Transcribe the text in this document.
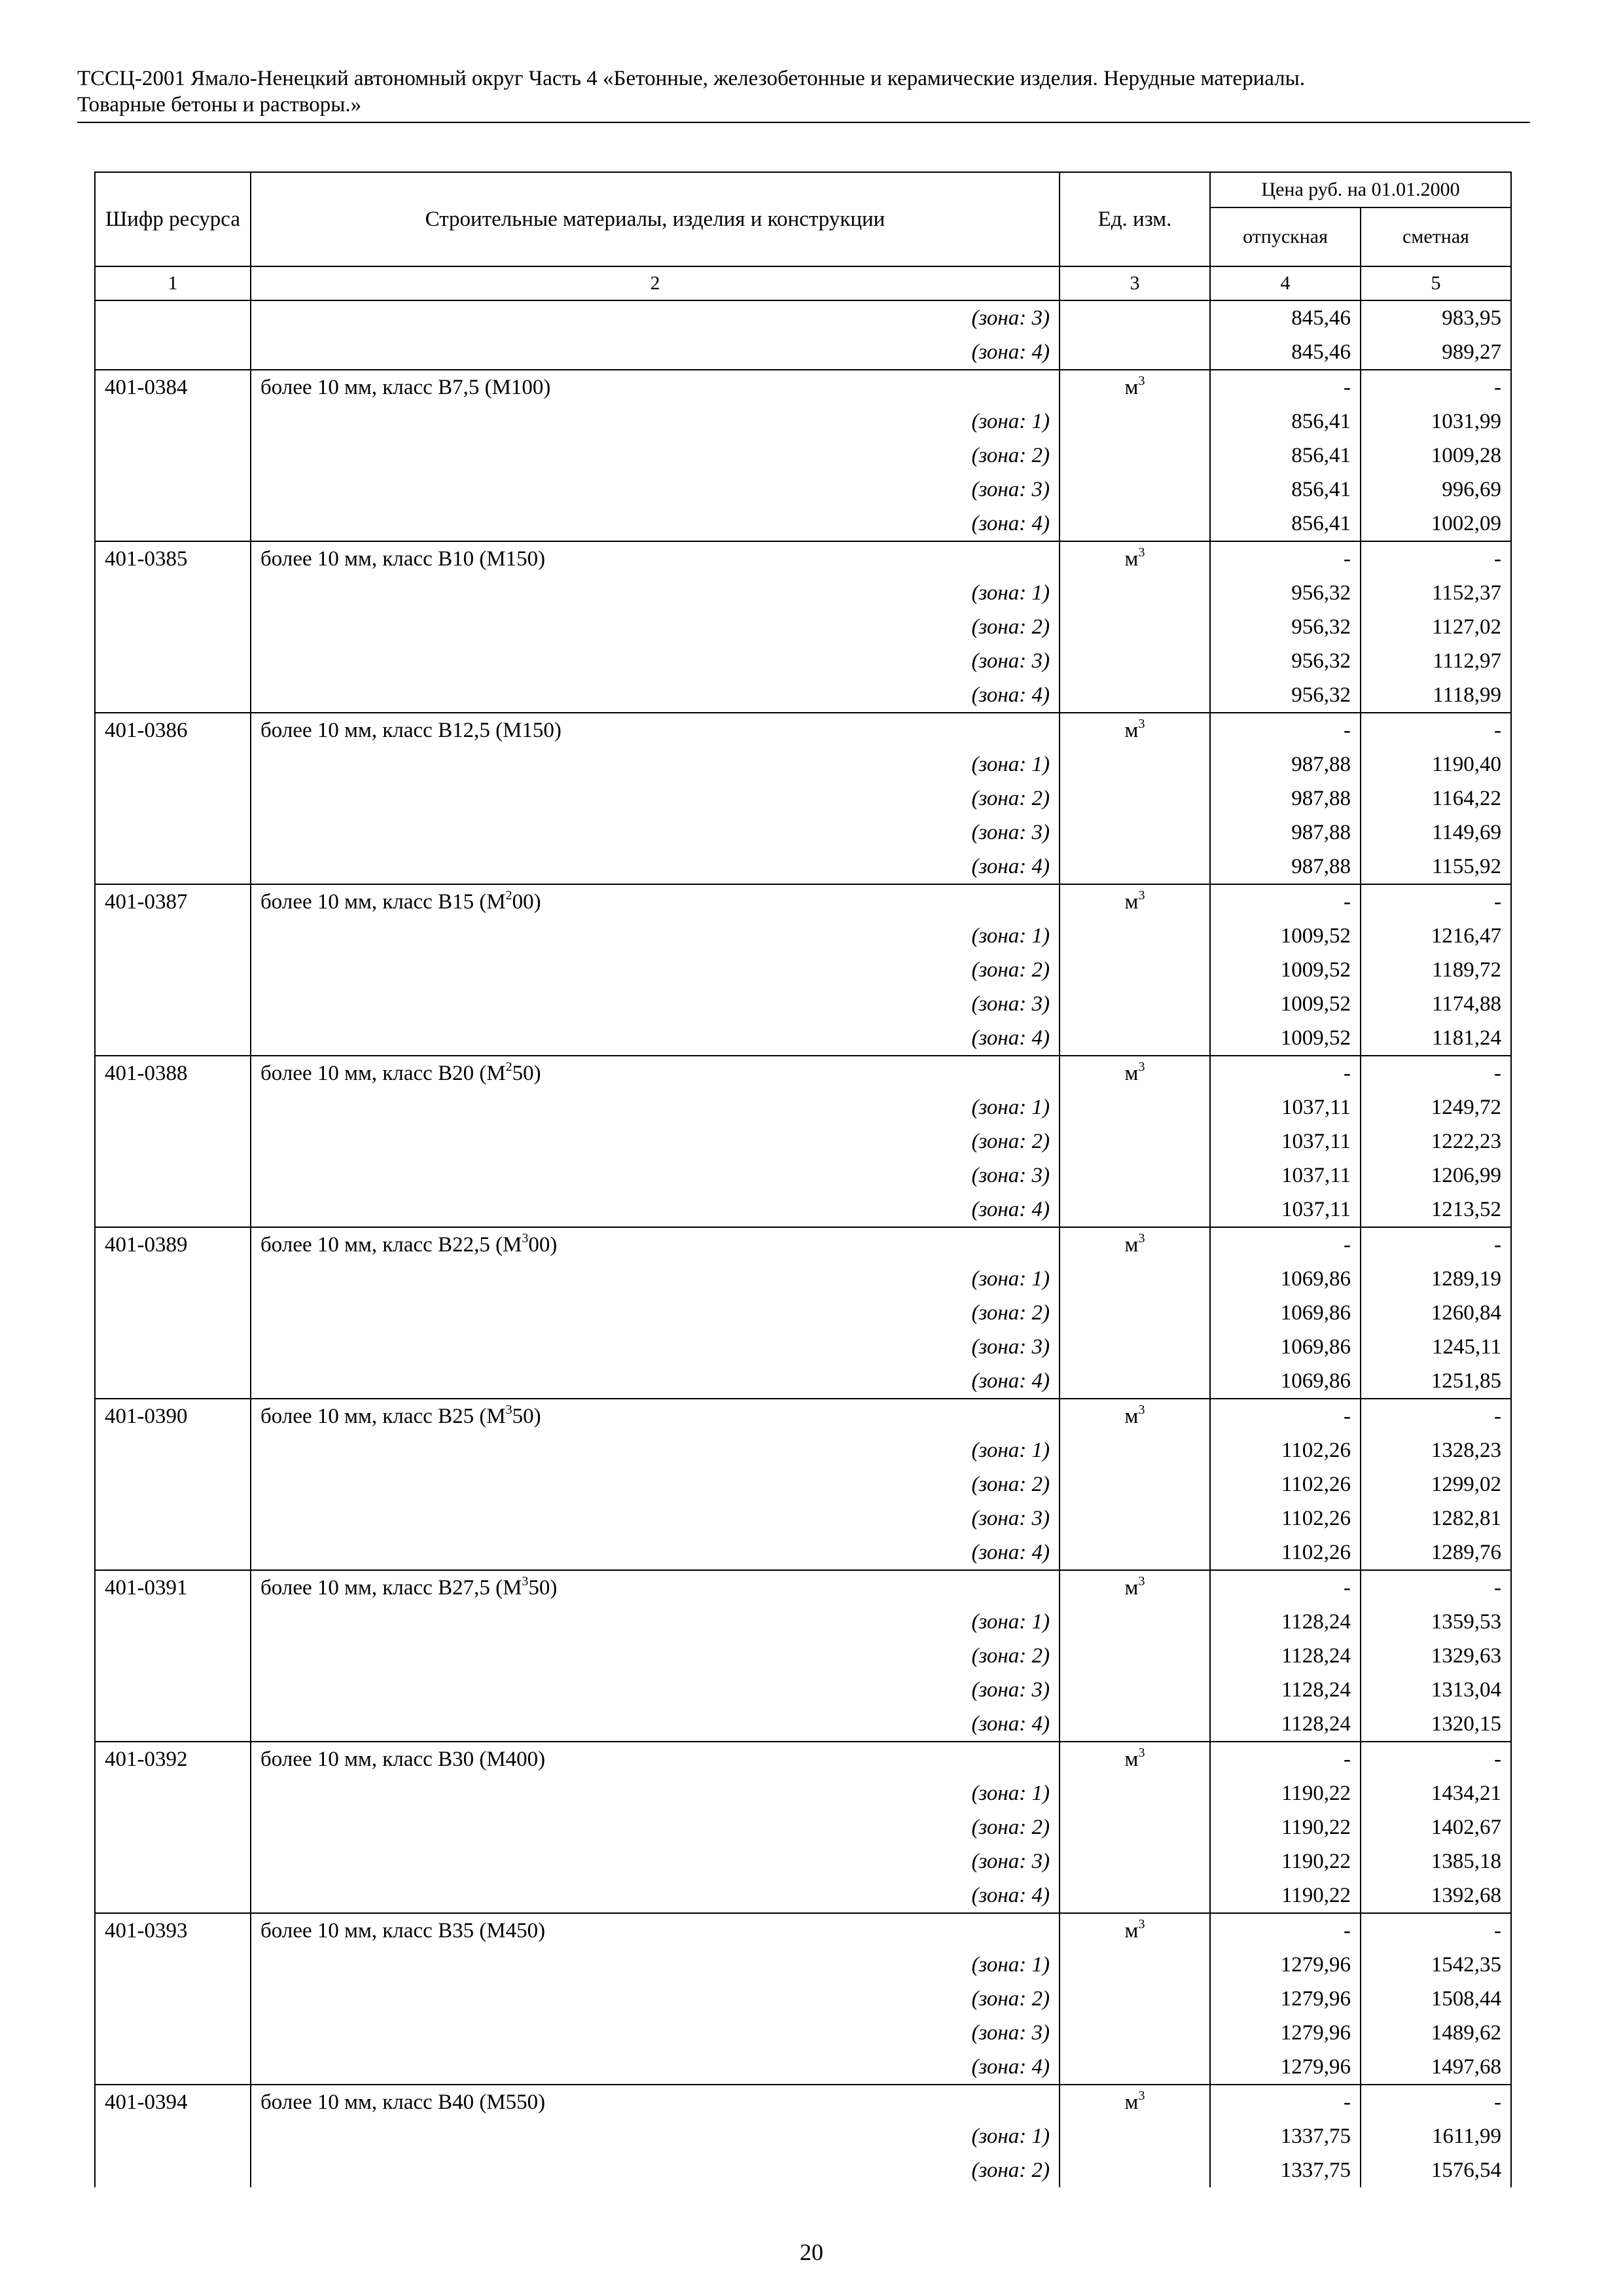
ТССЦ-2001 Ямало-Ненецкий автономный округ Часть 4 «Бетонные, железобетонные и керамические изделия. Нерудные материалы.
Товарные бетоны и растворы.»
Шифр ресурса	Строительные материалы, изделия и конструкции	Ед. изм.	Цена руб. на 01.01.2000	
			отпускная	сметная
1	2	3	4	5
	(зона: 3)		845,46	983,95
	(зона: 4)		845,46	989,27
401-0384	более 10 мм, класс В7,5 (М100)	$м^3$	-	-
	(зона: 1)		856,41	1031,99
	(зона: 2)		856,41	1009,28
	(зона: 3)		856,41	996,69
	(зона: 4)		856,41	1002,09
401-0385	более 10 мм, класс В10 (М150)	$м^3$	-	-
	(зона: 1)		956,32	1152,37
	(зона: 2)		956,32	1127,02
	(зона: 3)		956,32	1112,97
	(зона: 4)		956,32	1118,99
401-0386	более 10 мм, класс В12,5 (М150)	$м^3$	-	-
	(зона: 1)		987,88	1190,40
	(зона: 2)		987,88	1164,22
	(зона: 3)		987,88	1149,69
	(зона: 4)		987,88	1155,92
401-0387	более 10 мм, класс В15 $(М^200)$	$м^3$	-	-
	(зона: 1)		1009,52	1216,47
	(зона: 2)		1009,52	1189,72
	(зона: 3)		1009,52	1174,88
	(зона: 4)		1009,52	1181,24
401-0388	более 10 мм, класс В20 $(М^250)$	$м^3$	-	-
	(зона: 1)		1037,11	1249,72
	(зона: 2)		1037,11	1222,23
	(зона: 3)		1037,11	1206,99
	(зона: 4)		1037,11	1213,52
401-0389	более 10 мм, класс В22,5 $(М^300)$	$м^3$	-	-
	(зона: 1)		1069,86	1289,19
	(зона: 2)		1069,86	1260,84
	(зона: 3)		1069,86	1245,11
	(зона: 4)		1069,86	1251,85
401-0390	более 10 мм, класс В25 $(М^350)$	$м^3$	-	-
	(зона: 1)		1102,26	1328,23
	(зона: 2)		1102,26	1299,02
	(зона: 3)		1102,26	1282,81
	(зона: 4)		1102,26	1289,76
401-0391	более 10 мм, класс В27,5 $(М^350)$	$м^3$	-	-
	(зона: 1)		1128,24	1359,53
	(зона: 2)		1128,24	1329,63
	(зона: 3)		1128,24	1313,04
	(зона: 4)		1128,24	1320,15
401-0392	более 10 мм, класс В30 (М400)	$м^3$	-	-
	(зона: 1)		1190,22	1434,21
	(зона: 2)		1190,22	1402,67
	(зона: 3)		1190,22	1385,18
	(зона: 4)		1190,22	1392,68
401-0393	более 10 мм, класс В35 (М450)	$м^3$	-	-
	(зона: 1)		1279,96	1542,35
	(зона: 2)		1279,96	1508,44
	(зона: 3)		1279,96	1489,62
	(зона: 4)		1279,96	1497,68
401-0394	более 10 мм, класс В40 (М550)	$м^3$	-	-
	(зона: 1)		1337,75	1611,99
	(зона: 2)		1337,75	1576,54
20
